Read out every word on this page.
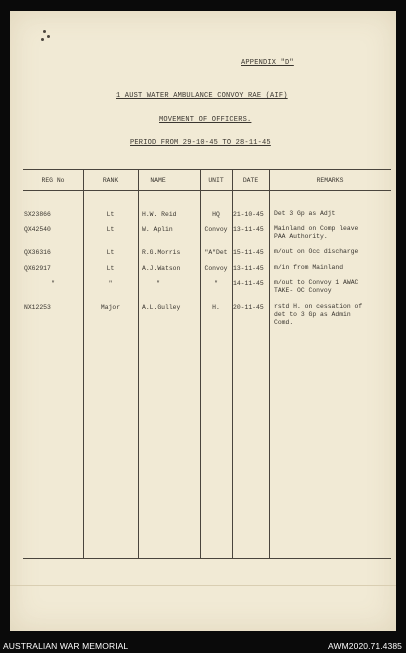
APPENDIX "D"
1 AUST WATER AMBULANCE CONVOY RAE (AIF)
MOVEMENT OF OFFICERS.
PERIOD FROM 29-10-45 TO 28-11-45
REG No	RANK	NAME	UNIT	DATE	REMARKS
SX23866	Lt	H.W. Reid	HQ	21-10-45 Det 3 Gp as Adjt
QX42540	Lt	W. Aplin	Convoy 13-11-45 Mainland on Comp leave
PAA Authority.
QX36316	Lt	R.G.Morris	"A"Det 15-11-45 m/out on Occ discharge
QX62917	Lt	A.J.Watson	Convoy 13-11-45 m/in from Mainland
"	"	"	"	14-11-45 m/out to Convoy 1 AWAC
TAKE- OC Convoy
NX12253	Major	A.L.Gulley	H.	20-11-45 rstd H. on cessation of
det to 3 Gp as Admin
Comd.
AUSTRALIAN WAR MEMORIAL	AWM2020.71.4385
